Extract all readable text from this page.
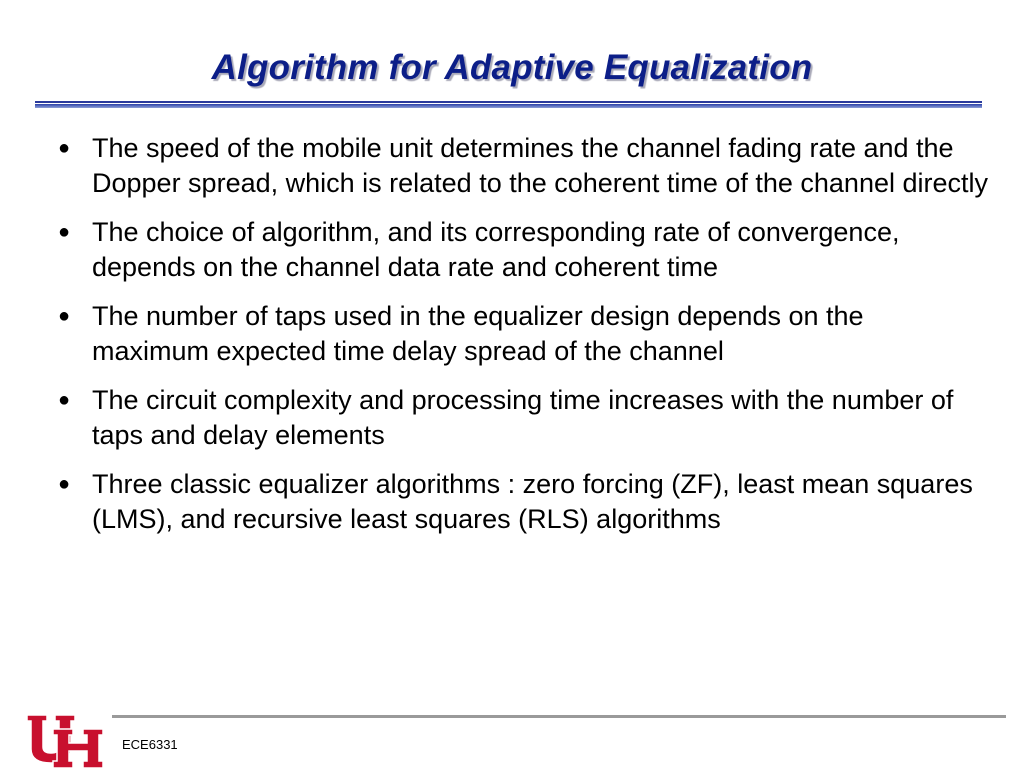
Algorithm for Adaptive Equalization
● The speed of the mobile unit determines the channel fading rate and the Dopper spread, which is related to the coherent time of the channel directly
● The choice of algorithm, and its corresponding rate of convergence, depends on the channel data rate and coherent time
● The number of taps used in the equalizer design depends on the maximum expected time delay spread of the channel
● The circuit complexity and processing time increases with the number of taps and delay elements
● Three classic equalizer algorithms : zero forcing (ZF), least mean squares (LMS), and recursive least squares (RLS) algorithms
ECE6331
